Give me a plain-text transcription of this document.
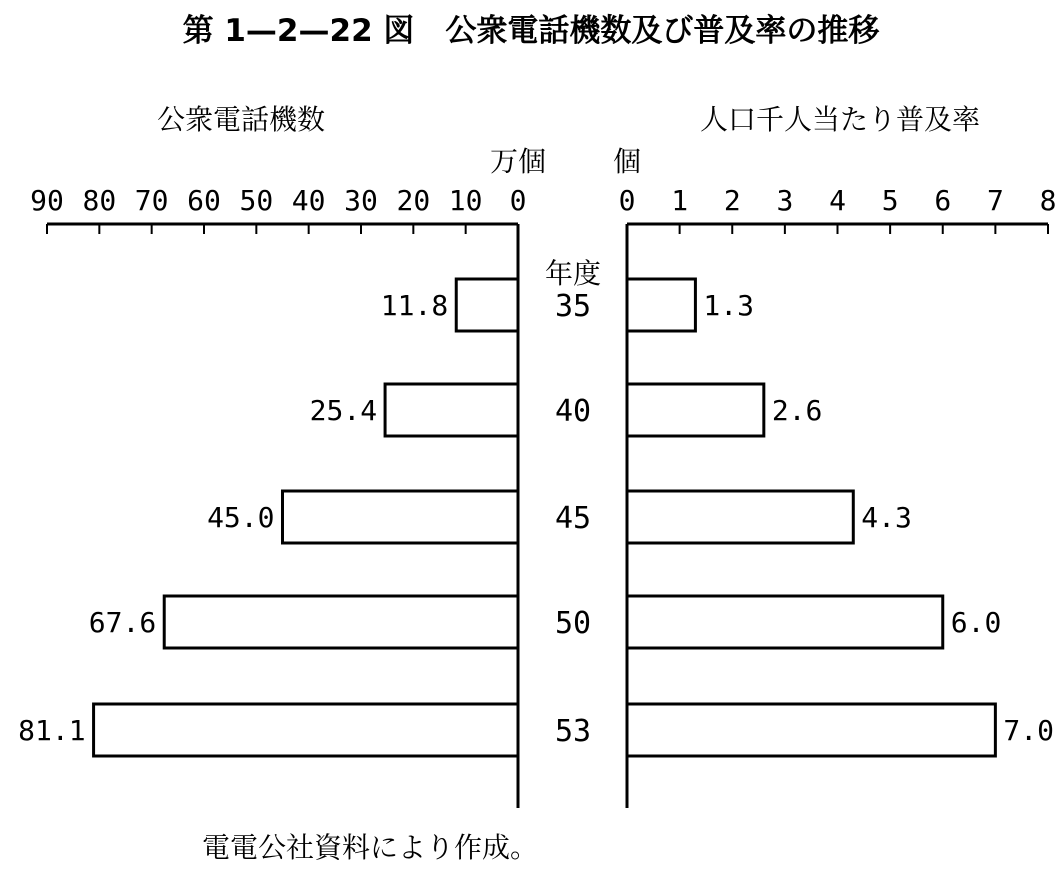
第 1—2—22 図　公衆電話機数及び普及率の推移
公衆電話機数	人口千人当たり普及率
万個 個
年度
0
10
20
30
40
50
60
70
80
90	0 1 2 3 4 5 6 7 8
11.8
25.4
45.0
67.6
81.1
1.3
2.6
4.3
6.0
7.0
35
40
45
50
53
電電公社資料により作成。
